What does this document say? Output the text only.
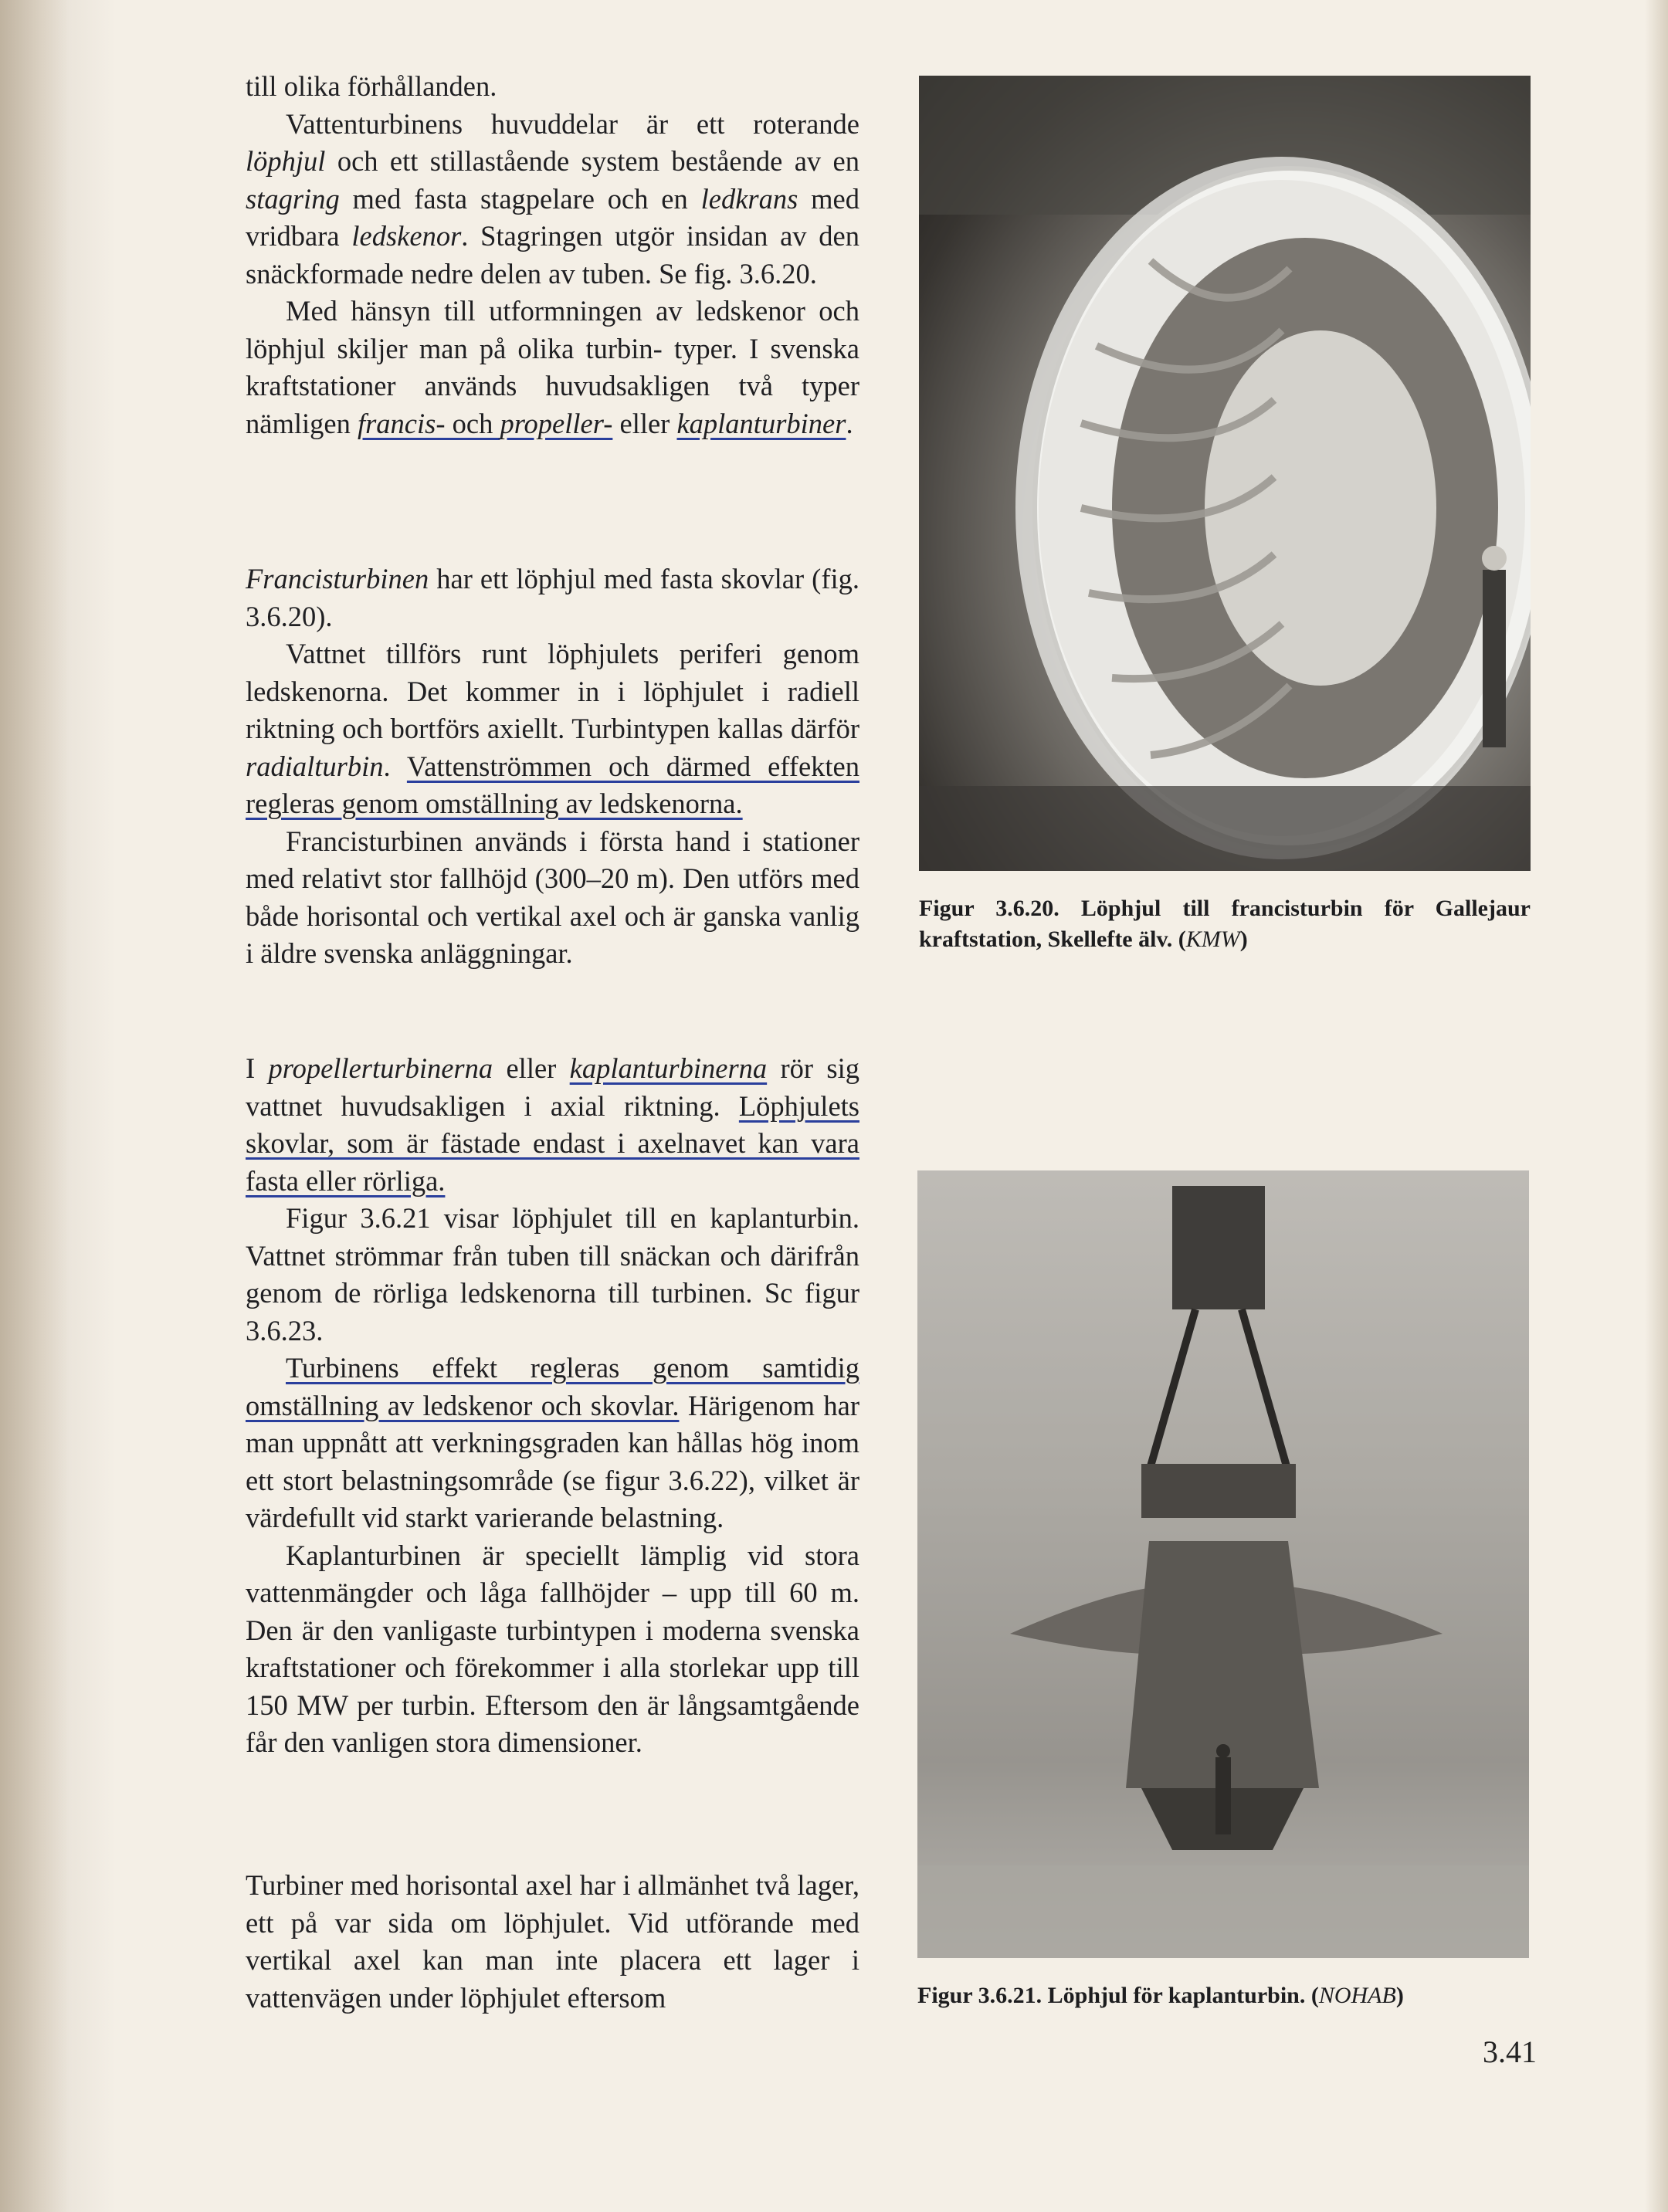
till olika förhållanden.

Vattenturbinens huvuddelar är ett roterande löphjul och ett stillastående system bestående av en stagring med fasta stagpelare och en ledkrans med vridbara ledskenor. Stagringen utgör insidan av den snäckformade nedre delen av tuben. Se fig. 3.6.20.

Med hänsyn till utformningen av ledskenor och löphjul skiljer man på olika turbin- typer. I svenska kraftstationer används huvudsakligen två typer nämligen francis- och propeller- eller kaplanturbiner.

Francisturbinen har ett löphjul med fasta skovlar (fig. 3.6.20).

Vattnet tillförs runt löphjulets periferi genom ledskenorna. Det kommer in i löphjulet i radiell riktning och bortförs axiellt. Turbintypen kallas därför radialturbin. Vattenströmmen och därmed effekten regleras genom omställning av ledskenorna.

Francisturbinen används i första hand i stationer med relativt stor fallhöjd (300–20 m). Den utförs med både horisontal och vertikal axel och är ganska vanlig i äldre svenska anläggningar.

I propellerturbinerna eller kaplanturbinerna rör sig vattnet huvudsakligen i axial riktning. Löphjulets skovlar, som är fästade endast i axelnavet kan vara fasta eller rörliga.

Figur 3.6.21 visar löphjulet till en kaplanturbin. Vattnet strömmar från tuben till snäckan och därifrån genom de rörliga ledskenorna till turbinen. Sc figur 3.6.23.

Turbinens effekt regleras genom samtidig omställning av ledskenor och skovlar. Härigenom har man uppnått att verkningsgraden kan hållas hög inom ett stort belastningsområde (se figur 3.6.22), vilket är värdefullt vid starkt varierande belastning.

Kaplanturbinen är speciellt lämplig vid stora vattenmängder och låga fallhöjder – upp till 60 m. Den är den vanligaste turbintypen i moderna svenska kraftstationer och förekommer i alla storlekar upp till 150 MW per turbin. Eftersom den är långsamtgående får den vanligen stora dimensioner.

Turbiner med horisontal axel har i allmänhet två lager, ett på var sida om löphjulet. Vid utförande med vertikal axel kan man inte placera ett lager i vattenvägen under löphjulet eftersom

Figur 3.6.20. Löphjul till francisturbin för Gallejaur kraftstation, Skellefte älv. (KMW)
Figur 3.6.21. Löphjul för kaplanturbin. (NOHAB)
3.41
